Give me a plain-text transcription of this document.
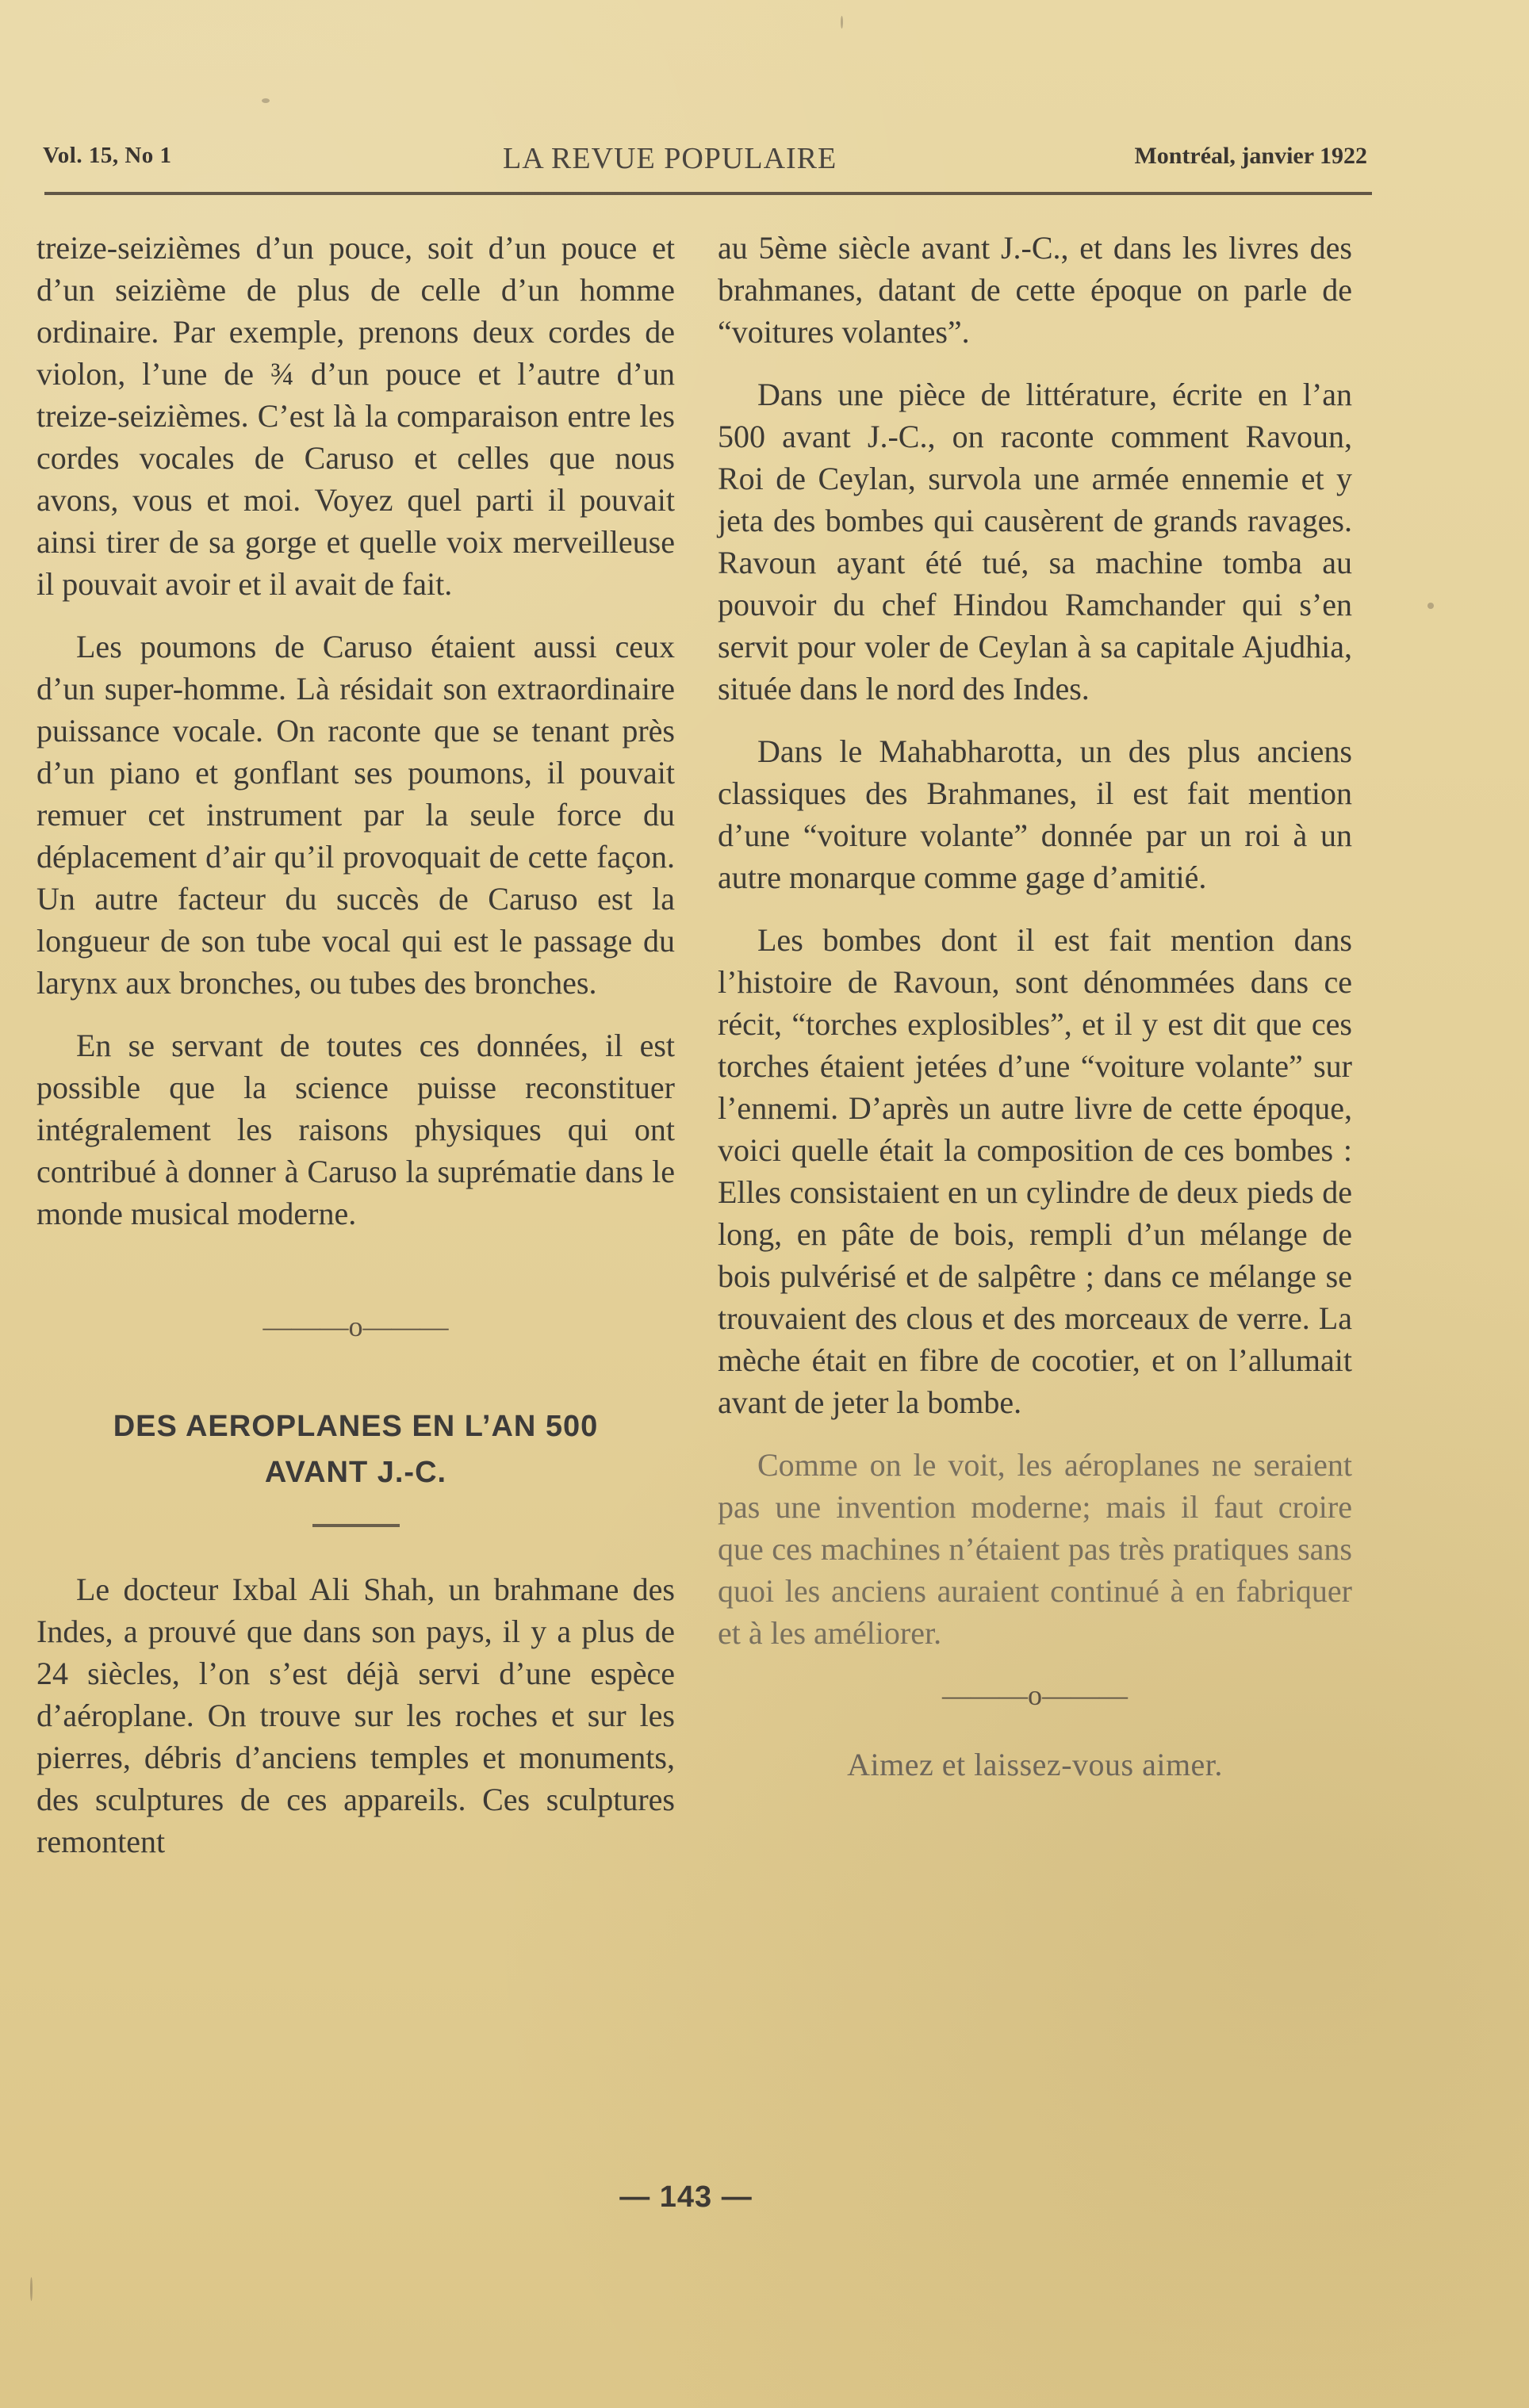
Vol. 15, No 1	LA REVUE POPULAIRE	Montréal, janvier 1922

treize-seizièmes d’un pouce, soit d’un pouce et d’un seizième de plus de celle d’un homme ordinaire. Par exemple, prenons deux cordes de violon, l’une de ¾ d’un pouce et l’autre d’un treize-seizièmes. C’est là la comparaison entre les cordes vocales de Caruso et celles que nous avons, vous et moi. Voyez quel parti il pouvait ainsi tirer de sa gorge et quelle voix merveilleuse il pouvait avoir et il avait de fait.

Les poumons de Caruso étaient aussi ceux d’un super-homme. Là résidait son extraordinaire puissance vocale. On raconte que se tenant près d’un piano et gonflant ses poumons, il pouvait remuer cet instrument par la seule force du déplacement d’air qu’il provoquait de cette façon. Un autre facteur du succès de Caruso est la longueur de son tube vocal qui est le passage du larynx aux bronches, ou tubes des bronches.

En se servant de toutes ces données, il est possible que la science puisse reconstituer intégralement les raisons physiques qui ont contribué à donner à Caruso la suprématie dans le monde musical moderne.

———o———
DES AEROPLANES EN L’AN 500
AVANT J.-C.

Le docteur Ixbal Ali Shah, un brahmane des Indes, a prouvé que dans son pays, il y a plus de 24 siècles, l’on s’est déjà servi d’une espèce d’aéroplane. On trouve sur les roches et sur les pierres, débris d’anciens temples et monuments, des sculptures de ces appareils. Ces sculptures remontent

au 5ème siècle avant J.-C., et dans les livres des brahmanes, datant de cette époque on parle de “voitures volantes”.

Dans une pièce de littérature, écrite en l’an 500 avant J.-C., on raconte comment Ravoun, Roi de Ceylan, survola une armée ennemie et y jeta des bombes qui causèrent de grands ravages. Ravoun ayant été tué, sa machine tomba au pouvoir du chef Hindou Ramchander qui s’en servit pour voler de Ceylan à sa capitale Ajudhia, située dans le nord des Indes.

Dans le Mahabharotta, un des plus anciens classiques des Brahmanes, il est fait mention d’une “voiture volante” donnée par un roi à un autre monarque comme gage d’amitié.

Les bombes dont il est fait mention dans l’histoire de Ravoun, sont dénommées dans ce récit, “torches explosibles”, et il y est dit que ces torches étaient jetées d’une “voiture volante” sur l’ennemi. D’après un autre livre de cette époque, voici quelle était la composition de ces bombes : Elles consistaient en un cylindre de deux pieds de long, en pâte de bois, rempli d’un mélange de bois pulvérisé et de salpêtre ; dans ce mélange se trouvaient des clous et des morceaux de verre. La mèche était en fibre de cocotier, et on l’allumait avant de jeter la bombe.

Comme on le voit, les aéroplanes ne seraient pas une invention moderne; mais il faut croire que ces machines n’étaient pas très pratiques sans quoi les anciens auraient continué à en fabriquer et à les améliorer.

———o———
Aimez et laissez-vous aimer.
— 143 —
